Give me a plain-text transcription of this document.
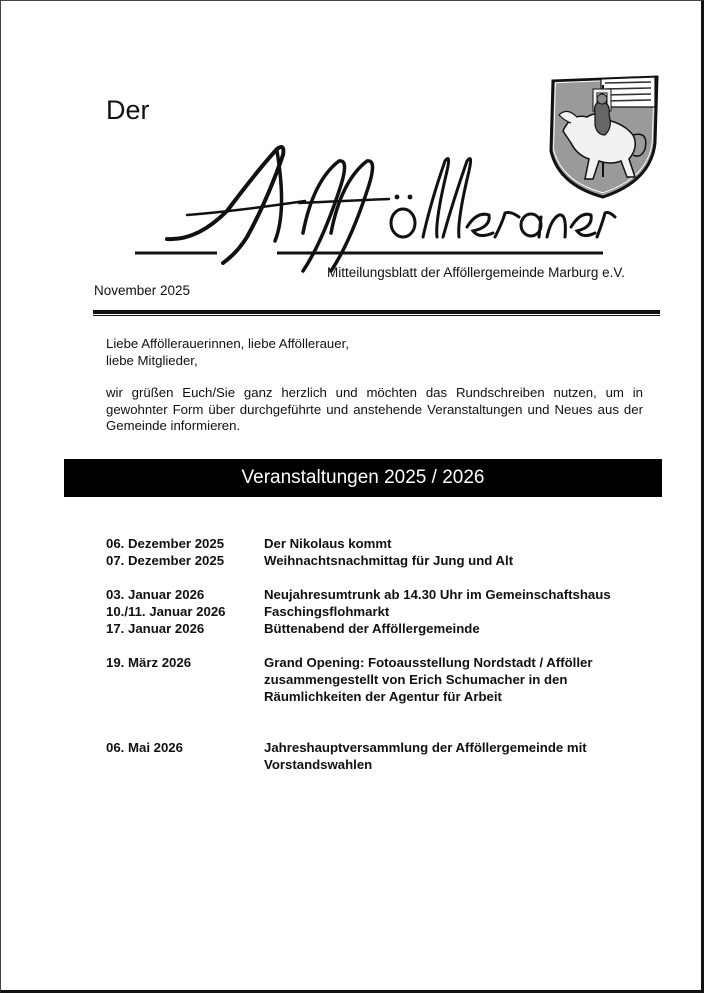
Der
Mitteilungsblatt der Afföllergemeinde Marburg e.V.
November 2025

Liebe Afföllerauerinnen, liebe Afföllerauer,

liebe Mitglieder,

wir grüßen Euch/Sie ganz herzlich und möchten das Rundschreiben nutzen, um in gewohnter Form über durchgeführte und anstehende Veranstaltungen und Neues aus der Gemeinde informieren.
Veranstaltungen 2025 / 2026
06. Dezember 2025	Der Nikolaus kommt
07. Dezember 2025	Weihnachtsnachmittag für Jung und Alt
03. Januar 2026	Neujahresumtrunk ab 14.30 Uhr im Gemeinschaftshaus
10./11. Januar 2026	Faschingsflohmarkt
17. Januar 2026	Büttenabend der Afföllergemeinde
19. März 2026	Grand Opening: Fotoausstellung Nordstadt / Afföller
zusammengestellt von Erich Schumacher in den
Räumlichkeiten der Agentur für Arbeit
06. Mai 2026	Jahreshauptversammlung der Afföllergemeinde mit
Vorstandswahlen
